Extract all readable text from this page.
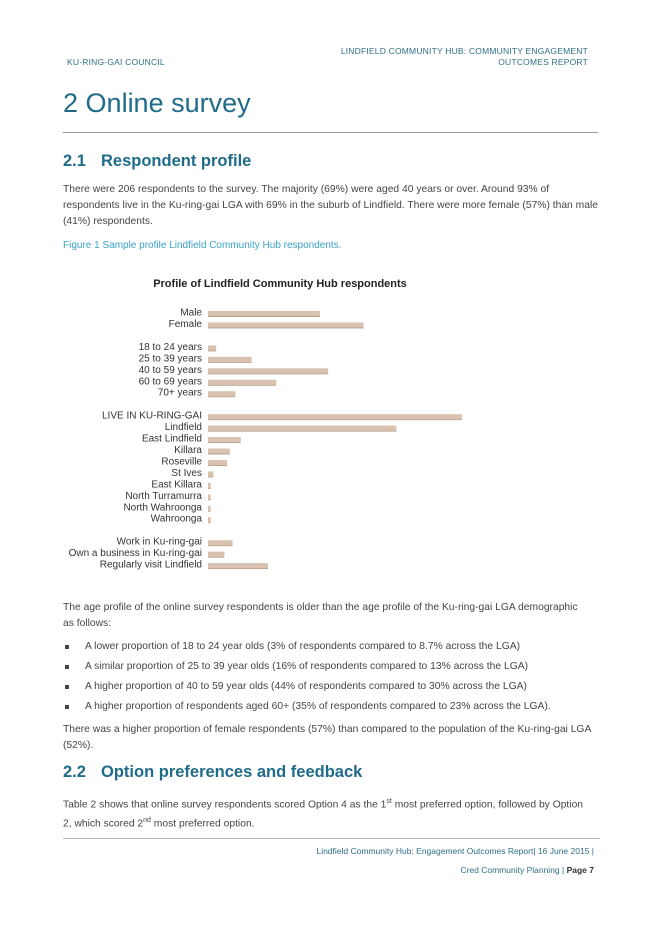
KU-RING-GAI COUNCIL
LINDFIELD COMMUNITY HUB: COMMUNITY ENGAGEMENT
OUTCOMES REPORT
2 Online survey
2.1 Respondent profile
There were 206 respondents to the survey. The majority (69%) were aged 40 years or over. Around 93% of respondents live in the Ku-ring-gai LGA with 69% in the suburb of Lindfield. There were more female (57%) than male (41%) respondents.
Figure 1 Sample profile Lindfield Community Hub respondents.
Profile of Lindfield Community Hub respondents
Male
Female
18 to 24 years
25 to 39 years
40 to 59 years
60 to 69 years
70+ years
LIVE IN KU-RING-GAI
Lindfield
East Lindfield
Killara
Roseville
St Ives
East Killara
North Turramurra
North Wahroonga
Wahroonga
Work in Ku-ring-gai
Own a business in Ku-ring-gai
Regularly visit Lindfield
The age profile of the online survey respondents is older than the age profile of the Ku-ring-gai LGA demographic as follows:
A lower proportion of 18 to 24 year olds (3% of respondents compared to 8.7% across the LGA)
A similar proportion of 25 to 39 year olds (16% of respondents compared to 13% across the LGA)
A higher proportion of 40 to 59 year olds (44% of respondents compared to 30% across the LGA)
A higher proportion of respondents aged 60+ (35% of respondents compared to 23% across the LGA).
There was a higher proportion of female respondents (57%) than compared to the population of the Ku-ring-gai LGA (52%).
2.2 Option preferences and feedback
Table 2 shows that online survey respondents scored Option 4 as the 1st most preferred option, followed by Option 2, which scored 2nd most preferred option.
Lindfield Community Hub: Engagement Outcomes Report| 16 June 2015 |
Cred Community Planning | Page 7
